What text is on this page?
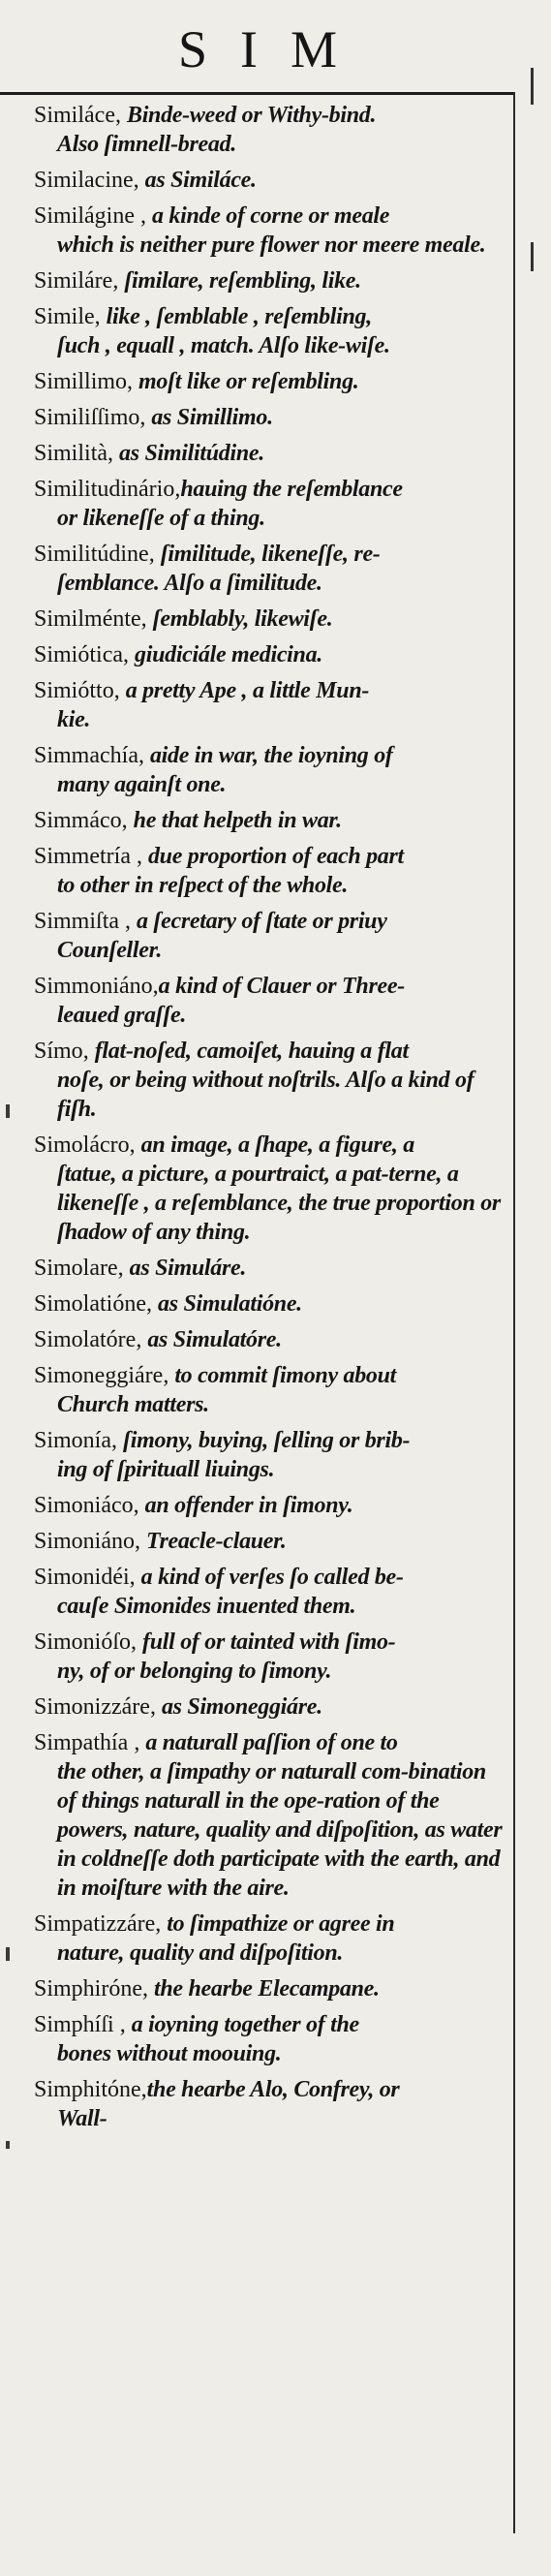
SIM
Similáce, Binde-weed or Withy-bind.
Also ſimnell-bread.
Similacine, as Similáce.
Similágine , a kinde of corne or meale
which is neither pure flower nor meere meale.
Similáre, ſimilare, reſembling, like.
Simile, like , ſemblable , reſembling,
ſuch , equall , match. Alſo like-wiſe.
Simillimo, moſt like or reſembling.
Similiſſimo, as Simillimo.
Similità, as Similitúdine.
Similitudinário,hauing the reſemblance
or likeneſſe of a thing.
Similitúdine, ſimilitude, likeneſſe, re-
ſemblance. Alſo a ſimilitude.
Similménte, ſemblably, likewiſe.
Simiótica, giudiciále medicina.
Simiótto, a pretty Ape , a little Mun-
kie.
Simmachía, aide in war, the ioyning of
many againſt one.
Simmáco, he that helpeth in war.
Simmetría , due proportion of each part
to other in reſpect of the whole.
Simmiſta , a ſecretary of ſtate or priuy
Counſeller.
Simmoniáno,a kind of Clauer or Three-
leaued graſſe.
Símo, flat-noſed, camoiſet, hauing a flat
noſe, or being without noſtrils. Alſo a kind of fiſh.
Simolácro, an image, a ſhape, a figure, a
ſtatue, a picture, a pourtraict, a pat-terne, a likeneſſe , a reſemblance, the true proportion or ſhadow of any thing.
Simolare, as Simuláre.
Simolatióne, as Simulatióne.
Simolatóre, as Simulatóre.
Simoneggiáre, to commit ſimony about
Church matters.
Simonía, ſimony, buying, ſelling or brib-
ing of ſpirituall liuings.
Simoniáco, an offender in ſimony.
Simoniáno, Treacle-clauer.
Simonidéi, a kind of verſes ſo called be-
cauſe Simonides inuented them.
Simonióſo, full of or tainted with ſimo-
ny, of or belonging to ſimony.
Simonizzáre, as Simoneggiáre.
Simpathía , a naturall paſſion of one to
the other, a ſimpathy or naturall com-bination of things naturall in the ope-ration of the powers, nature, quality and diſpoſition, as water in coldneſſe doth participate with the earth, and in moiſture with the aire.
Simpatizzáre, to ſimpathize or agree in
nature, quality and diſpoſition.
Simphiróne, the hearbe Elecampane.
Simphíſi , a ioyning together of the
bones without moouing.
Simphitóne,the hearbe Alo, Confrey, or
Wall-
